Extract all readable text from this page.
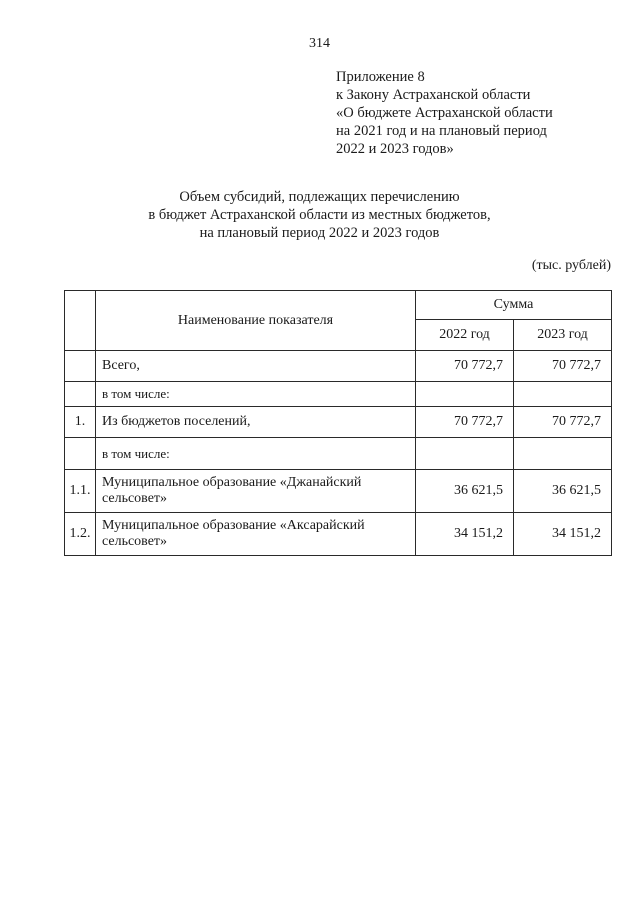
314
Приложение 8
к Закону Астраханской области
«О бюджете Астраханской области
на 2021 год и на плановый период
2022 и 2023 годов»
Объем субсидий, подлежащих перечислению
в бюджет Астраханской области из местных бюджетов,
на плановый период 2022 и 2023 годов
(тыс. рублей)
	Наименование показателя	Сумма	
		2022 год	2023 год
	Всего,	70 772,7	70 772,7
	в том числе:		
1.	Из бюджетов поселений,	70 772,7	70 772,7
	в том числе:		
1.1.	Муниципальное образование «Джанайский сельсовет»	36 621,5	36 621,5
1.2.	Муниципальное образование «Аксарайский сельсовет»	34 151,2	34 151,2
